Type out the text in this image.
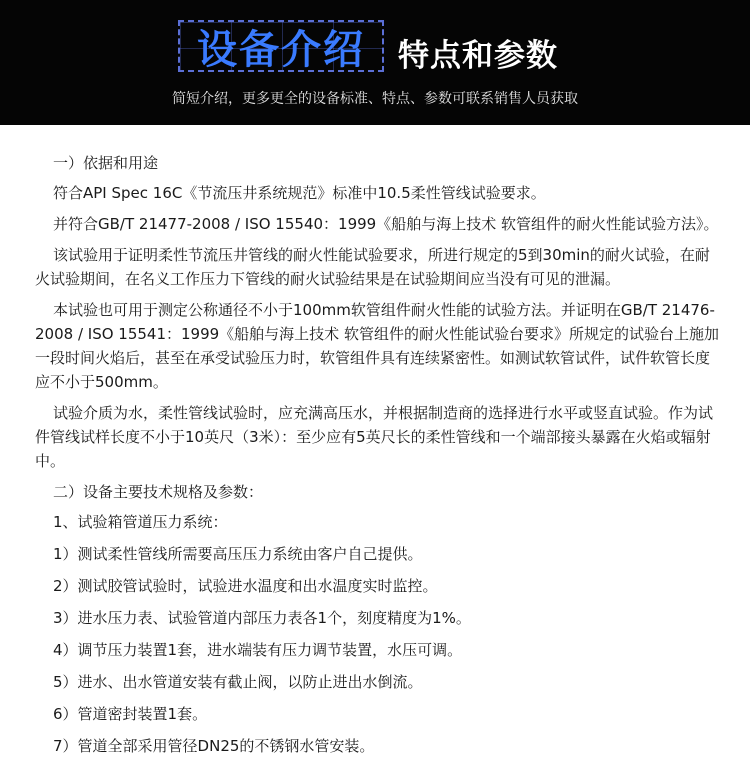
设备介绍	特点和参数
简短介绍，更多更全的设备标准、特点、参数可联系销售人员获取

一）依据和用途

符合API Spec 16C《节流压井系统规范》标准中10.5柔性管线试验要求。

并符合GB/T 21477-2008 / ISO 15540：1999《船舶与海上技术 软管组件的耐火性能试验方法》。

该试验用于证明柔性节流压井管线的耐火性能试验要求，所进行规定的5到30min的耐火试验，在耐火试验期间，在名义工作压力下管线的耐火试验结果是在试验期间应当没有可见的泄漏。

本试验也可用于测定公称通径不小于100mm软管组件耐火性能的试验方法。并证明在GB/T 21476-2008 / ISO 15541：1999《船舶与海上技术 软管组件的耐火性能试验台要求》所规定的试验台上施加一段时间火焰后，甚至在承受试验压力时，软管组件具有连续紧密性。如测试软管试件，试件软管长度应不小于500mm。

试验介质为水，柔性管线试验时，应充满高压水，并根据制造商的选择进行水平或竖直试验。作为试件管线试样长度不小于10英尺（3米）：至少应有5英尺长的柔性管线和一个端部接头暴露在火焰或辐射中。

二）设备主要技术规格及参数：

1、试验箱管道压力系统：

1）测试柔性管线所需要高压压力系统由客户自己提供。

2）测试胶管试验时，试验进水温度和出水温度实时监控。

3）进水压力表、试验管道内部压力表各1个，刻度精度为1%。

4）调节压力装置1套，进水端装有压力调节装置，水压可调。

5）进水、出水管道安装有截止阀，以防止进出水倒流。

6）管道密封装置1套。

7）管道全部采用管径DN25的不锈钢水管安装。
